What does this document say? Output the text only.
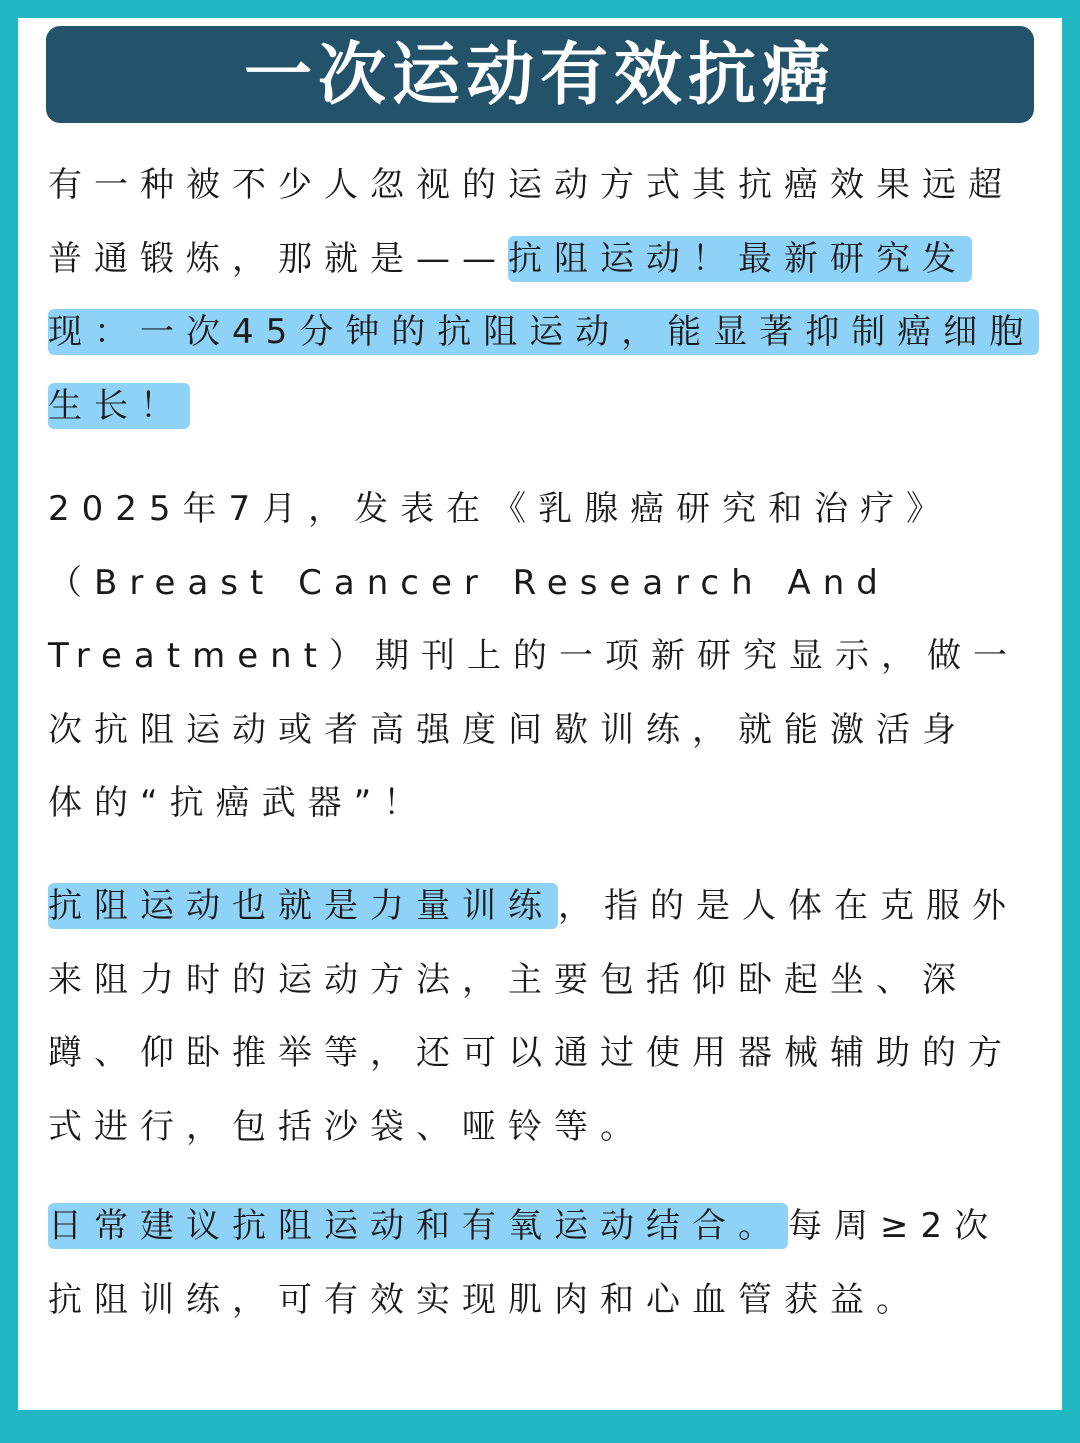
一次运动有效抗癌

有一种被不少人忽视的运动方式其抗癌效果远超普通锻炼，那就是——抗阻运动！最新研究发现：一次45分钟的抗阻运动，能显著抑制癌细胞生长！

2025年7月，发表在《乳腺癌研究和治疗》
（Breast Cancer Research And
Treatment）期刊上的一项新研究显示，做一
次抗阻运动或者高强度间歇训练，就能激活身
体的“抗癌武器”！

抗阻运动也就是力量训练 ，指的是人体在克服外来阻力时的运动方法，主要包括仰卧起坐、深蹲、仰卧推举等，还可以通过使用器械辅助的方式进行，包括沙袋、哑铃等。

日常建议抗阻运动和有氧运动结合。 每周≥2次抗阻训练，可有效实现肌肉和心血管获益。
